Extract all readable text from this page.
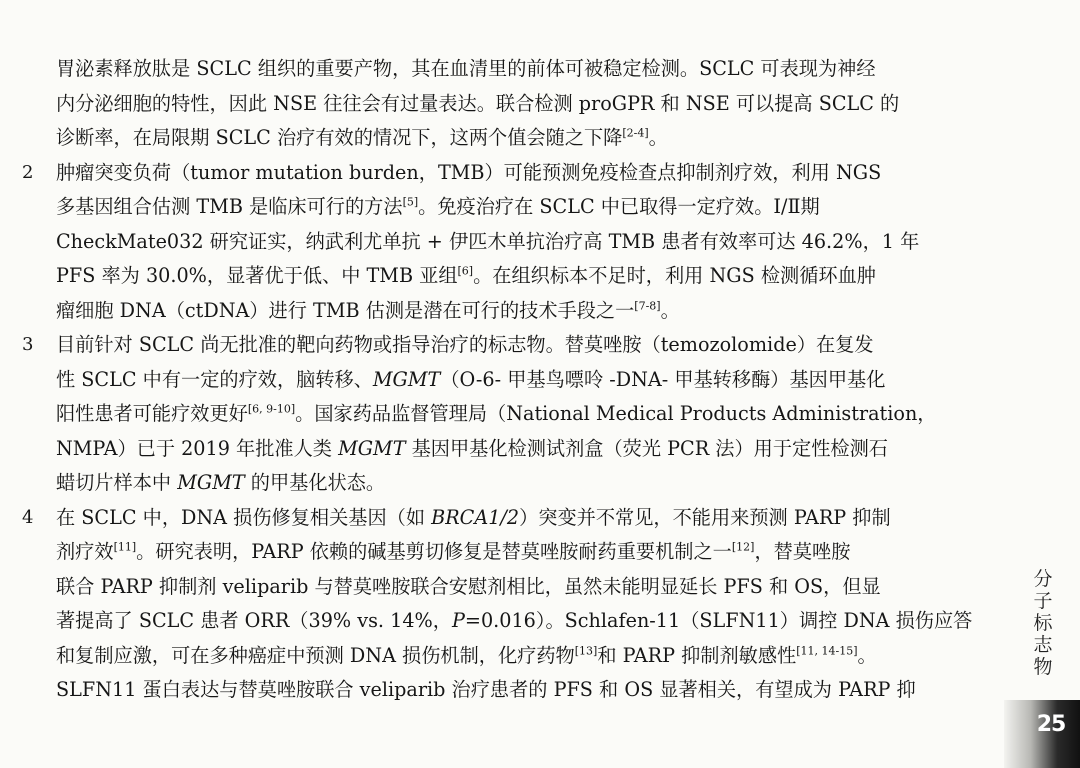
胃泌素释放肽是 SCLC 组织的重要产物，其在血清里的前体可被稳定检测。SCLC 可表现为神经
内分泌细胞的特性，因此 NSE 往往会有过量表达。联合检测 proGPR 和 NSE 可以提高 SCLC 的
诊断率，在局限期 SCLC 治疗有效的情况下，这两个值会随之下降[2-4]。
2	肿瘤突变负荷（tumor mutation burden，TMB）可能预测免疫检查点抑制剂疗效，利用 NGS
多基因组合估测 TMB 是临床可行的方法[5]。免疫治疗在 SCLC 中已取得一定疗效。Ⅰ/Ⅱ期
CheckMate032 研究证实，纳武利尤单抗 + 伊匹木单抗治疗高 TMB 患者有效率可达 46.2%，1 年
PFS 率为 30.0%，显著优于低、中 TMB 亚组[6]。在组织标本不足时，利用 NGS 检测循环血肿
瘤细胞 DNA（ctDNA）进行 TMB 估测是潜在可行的技术手段之一[7-8]。
3	目前针对 SCLC 尚无批准的靶向药物或指导治疗的标志物。替莫唑胺（temozolomide）在复发
性 SCLC 中有一定的疗效，脑转移、MGMT（O-6- 甲基鸟嘌呤 -DNA- 甲基转移酶）基因甲基化
阳性患者可能疗效更好[6, 9-10]。国家药品监督管理局（National Medical Products Administration，
NMPA）已于 2019 年批准人类 MGMT 基因甲基化检测试剂盒（荧光 PCR 法）用于定性检测石
蜡切片样本中 MGMT 的甲基化状态。
4	在 SCLC 中，DNA 损伤修复相关基因（如 BRCA1/2）突变并不常见，不能用来预测 PARP 抑制
剂疗效[11]。研究表明，PARP 依赖的碱基剪切修复是替莫唑胺耐药重要机制之一[12]，替莫唑胺
联合 PARP 抑制剂 veliparib 与替莫唑胺联合安慰剂相比，虽然未能明显延长 PFS 和 OS，但显
著提高了 SCLC 患者 ORR（39% vs. 14%，P=0.016）。Schlafen-11（SLFN11）调控 DNA 损伤应答
和复制应激，可在多种癌症中预测 DNA 损伤机制，化疗药物[13]和 PARP 抑制剂敏感性[11, 14-15]。
SLFN11 蛋白表达与替莫唑胺联合 veliparib 治疗患者的 PFS 和 OS 显著相关，有望成为 PARP 抑
分
子
标
志
物
25
